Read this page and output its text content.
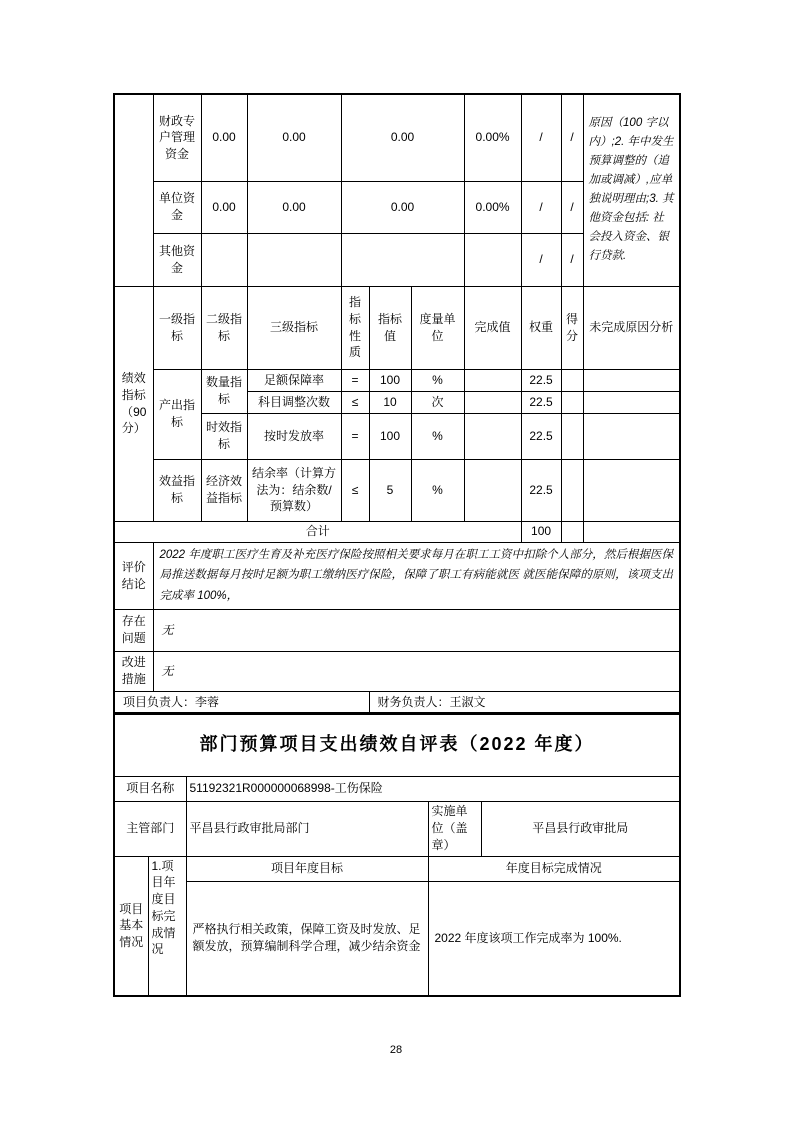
	财政专户管理资金	0.00	0.00	0.00			0.00%	/	/	原因（100 字以内）;2. 年中发生预算调整的（追加或调减）,应单独说明理由;3. 其他资金包括: 社会投入资金、银行贷款.
	单位资金	0.00	0.00	0.00			0.00%	/	/	
	其他资金							/	/	
绩效指标（90分）	一级指标	二级指标	三级指标	指标性质	指标值	度量单位	完成值	权重	得分	未完成原因分析
	产出指标	数量指标	足额保障率	=	100	%		22.5		
			科目调整次数	≤	10	次		22.5		
		时效指标	按时发放率	=	100	%		22.5		
	效益指标	经济效益指标	结余率（计算方法为：结余数/预算数）	≤	5	%		22.5		
合计								100		
评价结论	2022 年度职工医疗生育及补充医疗保险按照相关要求每月在职工工资中扣除个人部分，然后根据医保局推送数据每月按时足额为职工缴纳医疗保险，保障了职工有病能就医 就医能保障的原则，该项支出完成率 100%，									
存在问题	无									
改进措施	无									
项目负责人：李蓉					财务负责人：王淑文					
部门预算项目支出绩效自评表（2022 年度）				
项目名称		51192321R000000068998-工伤保险		
主管部门		平昌县行政审批局部门	实施单位（盖章）	平昌县行政审批局
项目基本情况	1.项目年度目标完成情况	项目年度目标	年度目标完成情况	
		严格执行相关政策，保障工资及时发放、足额发放，预算编制科学合理，减少结余资金	2022 年度该项工作完成率为 100%.	
28
